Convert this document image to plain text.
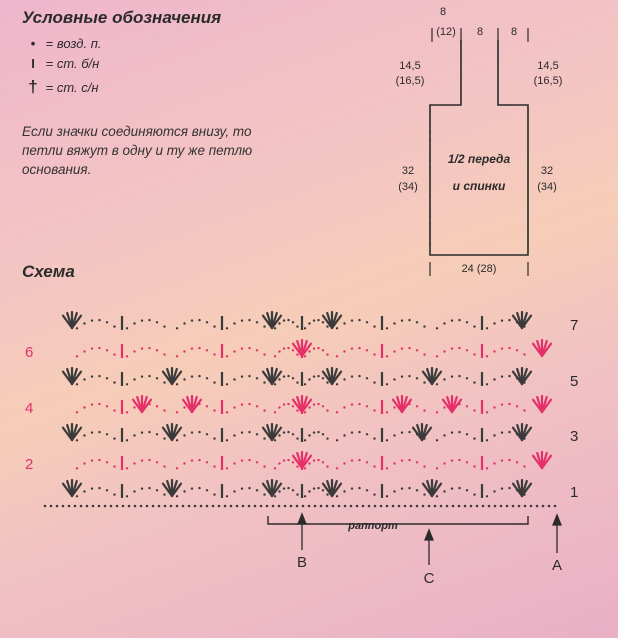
Условные обозначения
• = возд. п.
I = ст. б/н
† = ст. с/н
Если значки соединяются внизу, то петли вяжут в одну и ту же петлю основания.
Схема
8
(12) 8	8
14,5
(16,5)
14,5
(16,5)
32
(34)
32
(34)
24 (28)
1/2 переда
и спинки
7
5
3
1
6
4
2
раппорт
B
C
A
